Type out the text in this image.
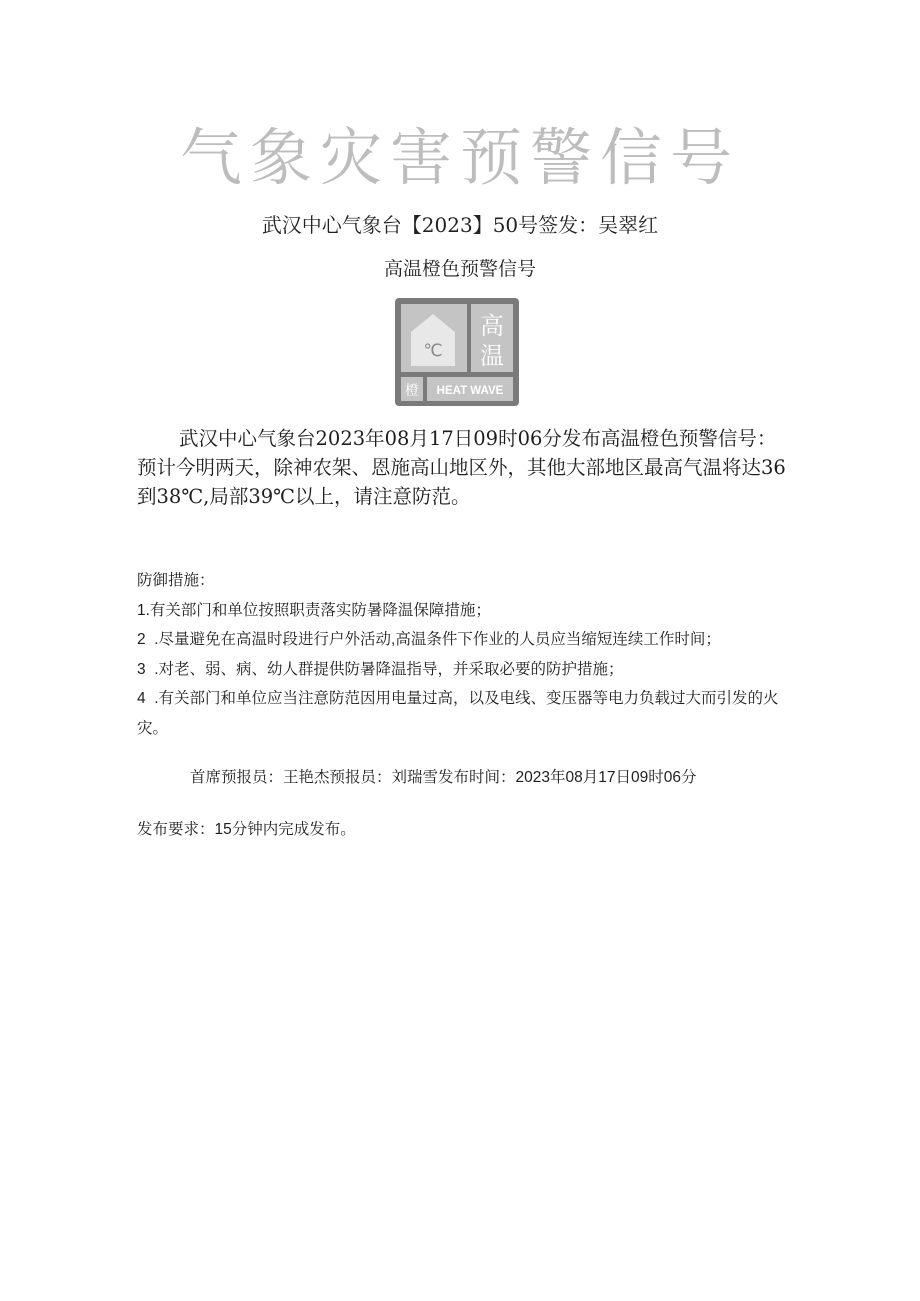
气象灾害预警信号
武汉中心气象台【2023】50号签发：吴翠红
高温橙色预警信号
℃
高
温
橙 HEAT WAVE
武汉中心气象台2023年08月17日09时06分发布高温橙色预警信号：预计今明两天，除神农架、恩施高山地区外，其他大部地区最高气温将达36到38℃,局部39℃以上，请注意防范。
防御措施：
1.有关部门和单位按照职责落实防暑降温保障措施；
2  .尽量避免在高温时段进行户外活动,高温条件下作业的人员应当缩短连续工作时间；
3  .对老、弱、病、幼人群提供防暑降温指导，并采取必要的防护措施；
4  .有关部门和单位应当注意防范因用电量过高，以及电线、变压器等电力负载过大而引发的火灾。
首席预报员：王艳杰预报员：刘瑞雪发布时间：2023年08月17日09时06分
发布要求：15分钟内完成发布。
